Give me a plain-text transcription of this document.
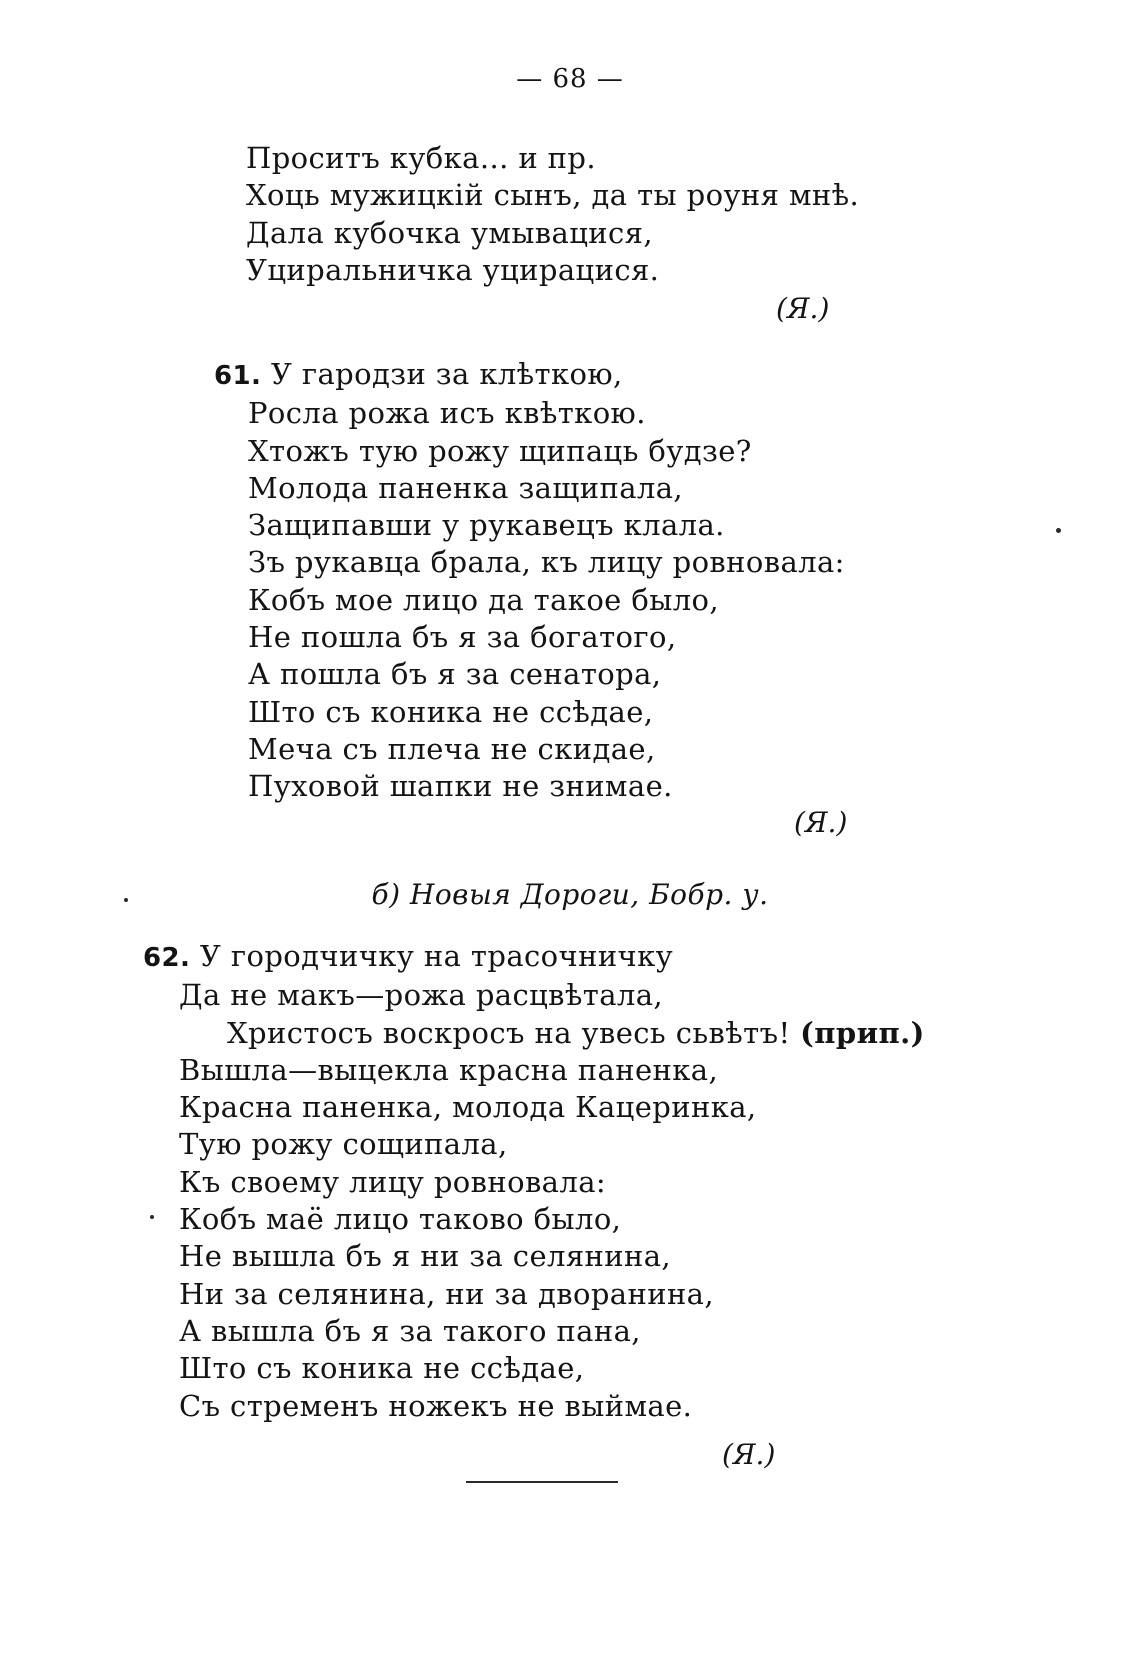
— 68 —
Проситъ кубка... и пр.
Хоць мужицкій сынъ, да ты роуня мнѣ.
Дала кубочка умывацися,
Уциральничка уцирацися.
(Я.)
61. У гародзи за клѣткою,
Росла рожа исъ квѣткою.
Хтожъ тую рожу щипаць будзе?
Молода паненка защипала,
Защипавши у рукавецъ клала.
Зъ рукавца брала, къ лицу ровновала:
Кобъ мое лицо да такое было,
Не пошла бъ я за богатого,
А пошла бъ я за сенатора,
Што съ коника не ссѣдае,
Меча съ плеча не скидае,
Пуховой шапки не знимае.
(Я.)
б) Новыя Дороги, Бобр. у.
62. У городчичку на трасочничку
Да не макъ—рожа расцвѣтала,
Христосъ воскросъ на увесь сьвѣтъ! (прип.)
Вышла—выцекла красна паненка,
Красна паненка, молода Кацеринка,
Тую рожу сощипала,
Къ своему лицу ровновала:
Кобъ маё лицо таково было,
Не вышла бъ я ни за селянина,
Ни за селянина, ни за дворанина,
А вышла бъ я за такого пана,
Што съ коника не ссѣдае,
Съ стременъ ножекъ не выймае.
(Я.)
